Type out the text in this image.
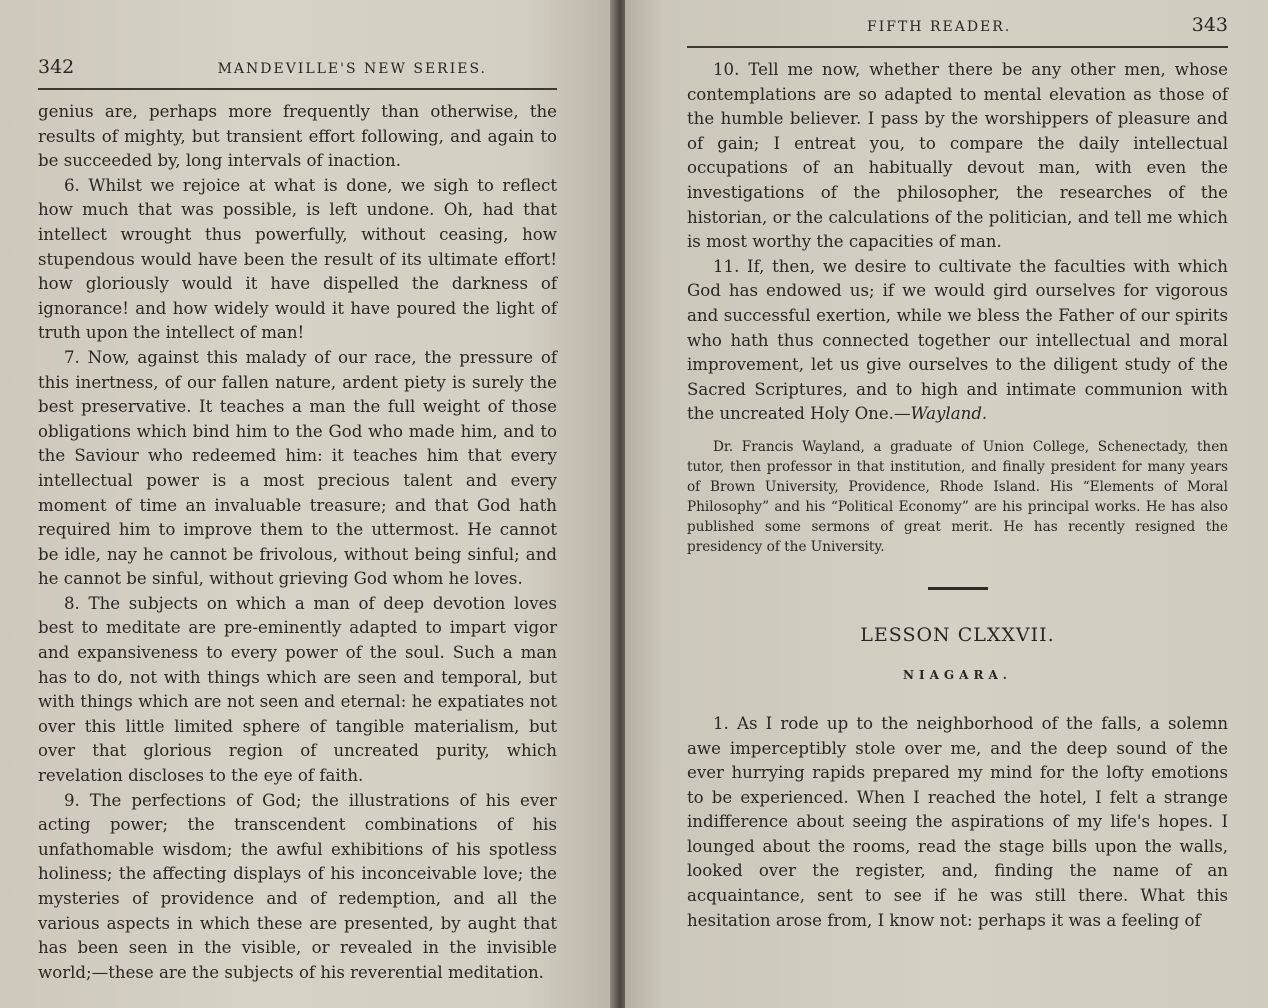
342	MANDEVILLE'S NEW SERIES.

genius are, perhaps more frequently than otherwise, the results of mighty, but transient effort following, and again to be succeeded by, long intervals of inaction.

6. Whilst we rejoice at what is done, we sigh to reflect how much that was possible, is left undone. Oh, had that intellect wrought thus powerfully, without ceasing, how stupendous would have been the result of its ultimate effort! how gloriously would it have dispelled the darkness of ignorance! and how widely would it have poured the light of truth upon the intellect of man!

7. Now, against this malady of our race, the pressure of this inertness, of our fallen nature, ardent piety is surely the best preservative. It teaches a man the full weight of those obligations which bind him to the God who made him, and to the Saviour who redeemed him: it teaches him that every intellectual power is a most precious talent and every moment of time an invaluable treasure; and that God hath required him to improve them to the uttermost. He cannot be idle, nay he cannot be frivolous, without being sinful; and he cannot be sinful, without grieving God whom he loves.

8. The subjects on which a man of deep devotion loves best to meditate are pre-eminently adapted to impart vigor and expansiveness to every power of the soul. Such a man has to do, not with things which are seen and temporal, but with things which are not seen and eternal: he expatiates not over this little limited sphere of tangible materialism, but over that glorious region of uncreated purity, which revelation discloses to the eye of faith.

9. The perfections of God; the illustrations of his ever acting power; the transcendent combinations of his unfathomable wisdom; the awful exhibitions of his spotless holiness; the affecting displays of his inconceivable love; the mysteries of providence and of redemption, and all the various aspects in which these are presented, by aught that has been seen in the visible, or revealed in the invisible world;—these are the subjects of his reverential meditation.

FIFTH READER.	343

10. Tell me now, whether there be any other men, whose contemplations are so adapted to mental elevation as those of the humble believer. I pass by the worshippers of pleasure and of gain; I entreat you, to compare the daily intellectual occupations of an habitually devout man, with even the investigations of the philosopher, the researches of the historian, or the calculations of the politician, and tell me which is most worthy the capacities of man.

11. If, then, we desire to cultivate the faculties with which God has endowed us; if we would gird ourselves for vigorous and successful exertion, while we bless the Father of our spirits who hath thus connected together our intellectual and moral improvement, let us give ourselves to the diligent study of the Sacred Scriptures, and to high and intimate communion with the uncreated Holy One.—Wayland.

Dr. Francis Wayland, a graduate of Union College, Schenectady, then tutor, then professor in that institution, and finally president for many years of Brown University, Providence, Rhode Island. His “Elements of Moral Philosophy” and his “Political Economy” are his principal works. He has also published some sermons of great merit. He has recently resigned the presidency of the University.

LESSON CLXXVII.
NIAGARA.

1. As I rode up to the neighborhood of the falls, a solemn awe imperceptibly stole over me, and the deep sound of the ever hurrying rapids prepared my mind for the lofty emotions to be experienced. When I reached the hotel, I felt a strange indifference about seeing the aspirations of my life's hopes. I lounged about the rooms, read the stage bills upon the walls, looked over the register, and, finding the name of an acquaintance, sent to see if he was still there. What this hesitation arose from, I know not: perhaps it was a feeling of
